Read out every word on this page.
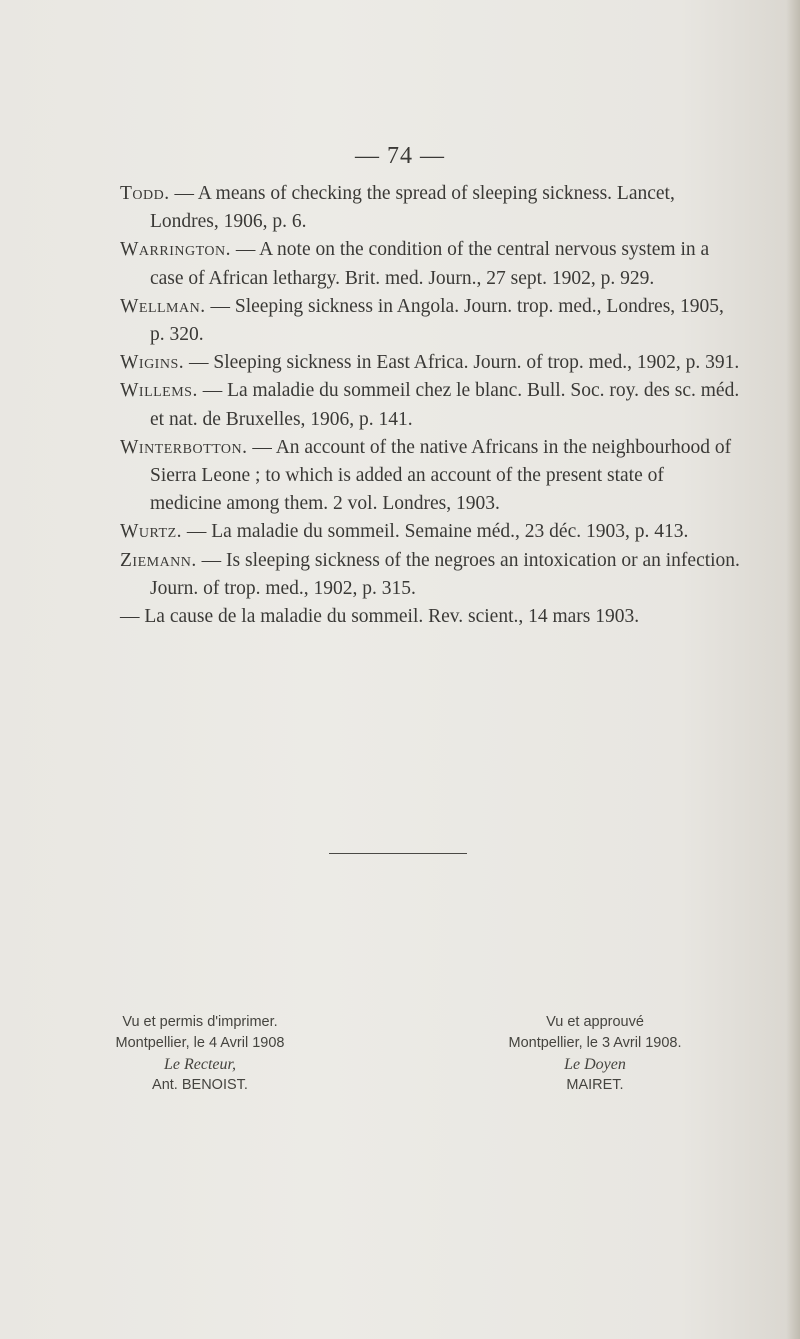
— 74 —

Todd. — A means of checking the spread of sleeping sickness. Lancet, Londres, 1906, p. 6.

Warrington. — A note on the condition of the central nervous system in a case of African lethargy. Brit. med. Journ., 27 sept. 1902, p. 929.

Wellman. — Sleeping sickness in Angola. Journ. trop. med., Londres, 1905, p. 320.

Wigins. — Sleeping sickness in East Africa. Journ. of trop. med., 1902, p. 391.

Willems. — La maladie du sommeil chez le blanc. Bull. Soc. roy. des sc. méd. et nat. de Bruxelles, 1906, p. 141.

Winterbotton. — An account of the native Africans in the neighbourhood of Sierra Leone ; to which is added an account of the present state of medicine among them. 2 vol. Londres, 1903.

Wurtz. — La maladie du sommeil. Semaine méd., 23 déc. 1903, p. 413.

Ziemann. — Is sleeping sickness of the negroes an intoxication or an infection. Journ. of trop. med., 1902, p. 315.

— La cause de la maladie du sommeil. Rev. scient., 14 mars 1903.

Vu et permis d'imprimer.
Montpellier, le 4 Avril 1908
Le Recteur,
Ant. BENOIST.
Vu et approuvé
Montpellier, le 3 Avril 1908.
Le Doyen
MAIRET.
